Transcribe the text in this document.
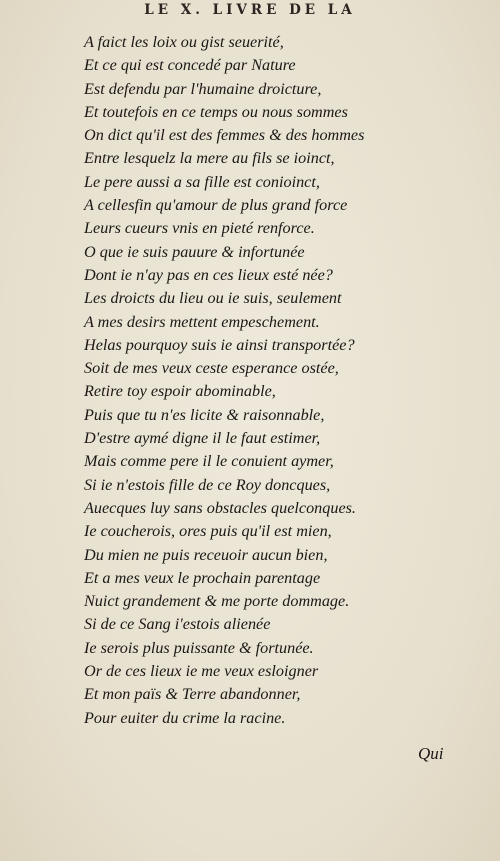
LE X. LIVRE DE LA
A faict les loix ou gist seuerité,
Et ce qui est concedé par Nature
Est defendu par l'humaine droicture,
Et toutefois en ce temps ou nous sommes
On dict qu'il est des femmes & des hommes
Entre lesquelz la mere au fils se ioinct,
Le pere aussi a sa fille est conioinct,
A cellesfin qu'amour de plus grand force
Leurs cueurs vnis en pieté renforce.
O que ie suis pauure & infortunée
Dont ie n'ay pas en ces lieux esté née?
Les droicts du lieu ou ie suis, seulement
A mes desirs mettent empeschement.
Helas pourquoy suis ie ainsi transportée?
Soit de mes veux ceste esperance ostée,
Retire toy espoir abominable,
Puis que tu n'es licite & raisonnable,
D'estre aymé digne il le faut estimer,
Mais comme pere il le conuient aymer,
Si ie n'estois fille de ce Roy doncques,
Auecques luy sans obstacles quelconques.
Ie coucherois, ores puis qu'il est mien,
Du mien ne puis receuoir aucun bien,
Et a mes veux le prochain parentage
Nuict grandement & me porte dommage.
Si de ce Sang i'estois alienée
Ie serois plus puissante & fortunée.
Or de ces lieux ie me veux esloigner
Et mon païs & Terre abandonner,
Pour euiter du crime la racine.
Qui
